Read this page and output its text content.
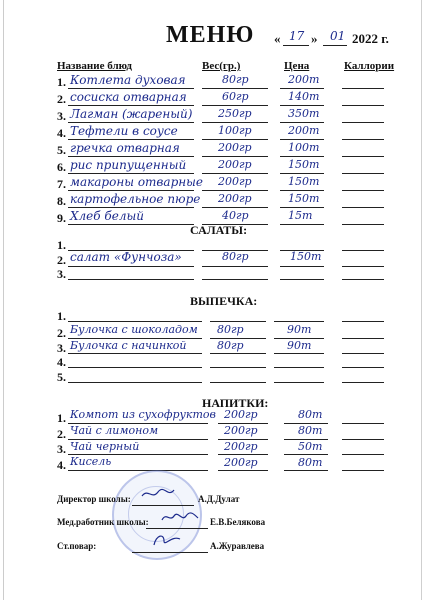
МЕНЮ « 17 » 01 2022 г.
Название блюд	Вес(гр.)	Цена	Каллории
1. Котлета духовая	80гр	200т
2. сосиска отварная	60гр	140т
3. Лагман (жареный) 250гр	350т
4. Тефтели в соусе	100гр	200т
5. гречка отварная	200гр	100т
6. рис припущенный	200гр	150т
7. макароны отварные 200гр	150т
8. картофельное пюре 200гр	150т
9. Хлеб белый	40гр	15т
САЛАТЫ:
1.
2. салат «Фунчоза»	80гр	150т
3.
ВЫПЕЧКА:
1.
2. Булочка с шоколадом 80гр	90т
3. Булочка с начинкой	80гр	90т
4.
5.
НАПИТКИ:
1. Компот из сухофруктов 200гр	80т
2. Чай с лимоном	200гр	80т
3. Чай черный	200гр	50т
4. Кисель	200гр	80т
Директор школы:	А.Д.Дулат
Мед.работник школы:	Е.В.Белякова
Ст.повар:	А.Журавлева
